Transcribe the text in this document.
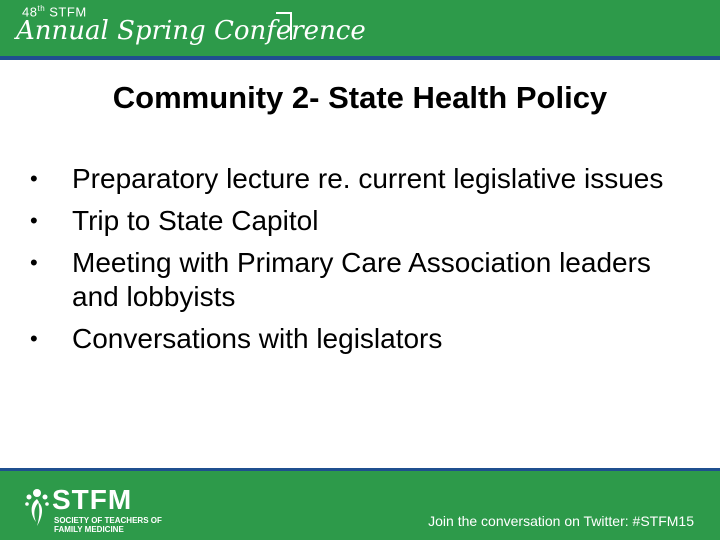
48th STFM
Annual Spring Conference
Community 2- State Health Policy
•	Preparatory lecture re. current legislative issues
•	Trip to State Capitol
•	Meeting with Primary Care Association leaders and lobbyists
•	Conversations with legislators
STFM
SOCIETY OF TEACHERS OF
FAMILY MEDICINE
Join the conversation on Twitter: #STFM15
